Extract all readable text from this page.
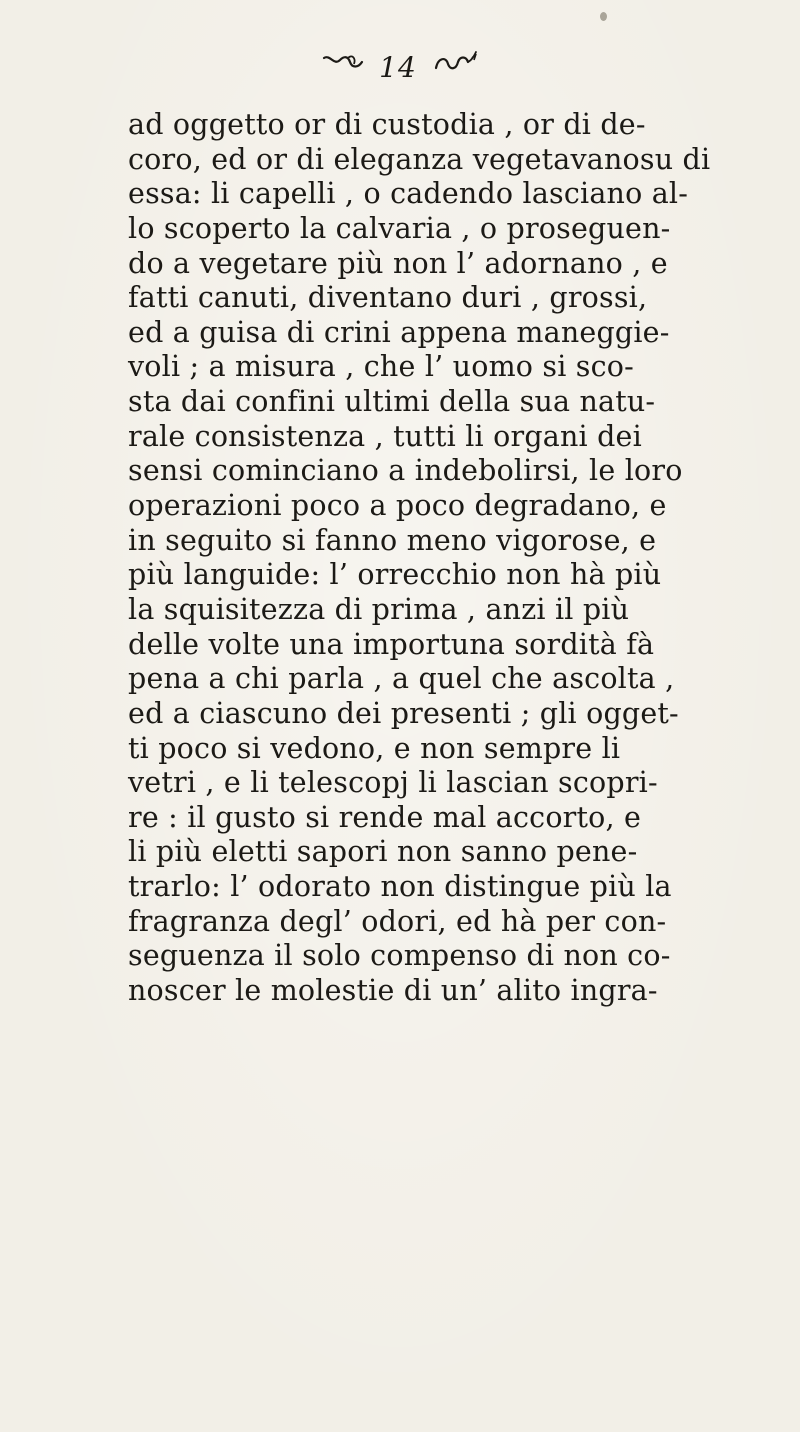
14
ad oggetto or di custodia , or di de-
coro, ed or di eleganza vegetavanosu di
essa: li capelli , o cadendo lasciano al-
lo scoperto la calvaria , o proseguen-
do a vegetare più non l’ adornano , e
fatti canuti, diventano duri , grossi,
ed a guisa di crini appena maneggie-
voli ; a misura , che l’ uomo si sco-
sta dai confini ultimi della sua natu-
rale consistenza , tutti li organi dei
sensi cominciano a indebolirsi, le loro
operazioni poco a poco degradano, e
in seguito si fanno meno vigorose, e
più languide: l’ orrecchio non hà più
la squisitezza di prima , anzi il più
delle volte una importuna sordità fà
pena a chi parla , a quel che ascolta ,
ed a ciascuno dei presenti ; gli ogget-
ti poco si vedono, e non sempre li
vetri , e li telescopj li lascian scopri-
re : il gusto si rende mal accorto, e
li più eletti sapori non sanno pene-
trarlo: l’ odorato non distingue più la
fragranza degl’ odori, ed hà per con-
seguenza il solo compenso di non co-
noscer le molestie di un’ alito ingra-
